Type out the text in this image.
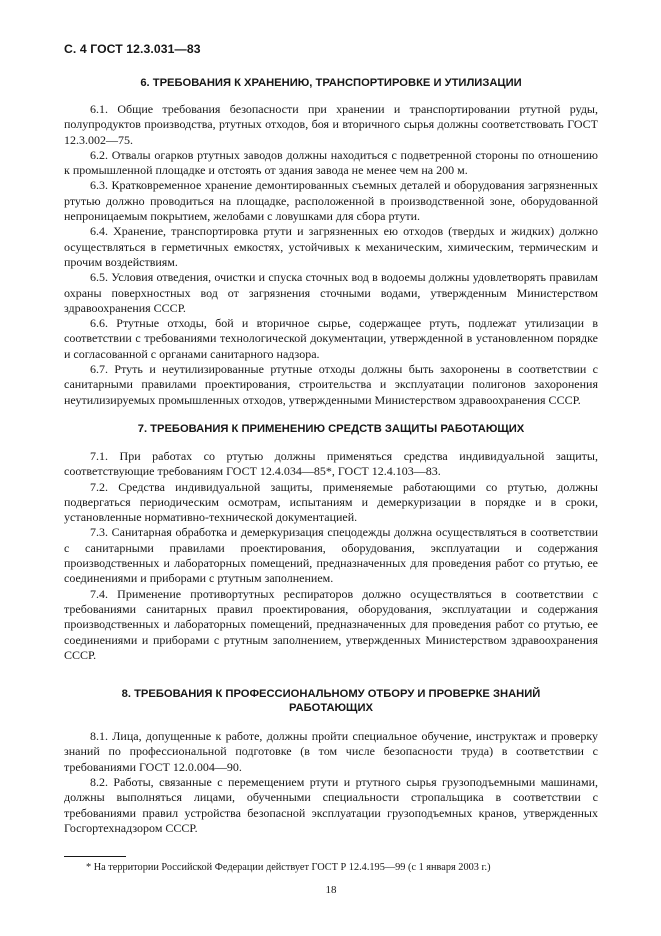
С. 4 ГОСТ 12.3.031—83
6. ТРЕБОВАНИЯ К ХРАНЕНИЮ, ТРАНСПОРТИРОВКЕ И УТИЛИЗАЦИИ

6.1. Общие требования безопасности при хранении и транспортировании ртутной руды, полупродуктов производства, ртутных отходов, боя и вторичного сырья должны соответствовать ГОСТ 12.3.002—75.

6.2. Отвалы огарков ртутных заводов должны находиться с подветренной стороны по отношению к промышленной площадке и отстоять от здания завода не менее чем на 200 м.

6.3. Кратковременное хранение демонтированных съемных деталей и оборудования загрязненных ртутью должно проводиться на площадке, расположенной в производственной зоне, оборудованной непроницаемым покрытием, желобами с ловушками для сбора ртути.

6.4. Хранение, транспортировка ртути и загрязненных ею отходов (твердых и жидких) должно осуществляться в герметичных емкостях, устойчивых к механическим, химическим, термическим и прочим воздействиям.

6.5. Условия отведения, очистки и спуска сточных вод в водоемы должны удовлетворять правилам охраны поверхностных вод от загрязнения сточными водами, утвержденным Министерством здравоохранения СССР.

6.6. Ртутные отходы, бой и вторичное сырье, содержащее ртуть, подлежат утилизации в соответствии с требованиями технологической документации, утвержденной в установленном порядке и согласованной с органами санитарного надзора.

6.7. Ртуть и неутилизированные ртутные отходы должны быть захоронены в соответствии с санитарными правилами проектирования, строительства и эксплуатации полигонов захоронения неутилизируемых промышленных отходов, утвержденными Министерством здравоохранения СССР.

7. ТРЕБОВАНИЯ К ПРИМЕНЕНИЮ СРЕДСТВ ЗАЩИТЫ РАБОТАЮЩИХ

7.1. При работах со ртутью должны применяться средства индивидуальной защиты, соответствующие требованиям ГОСТ 12.4.034—85*, ГОСТ 12.4.103—83.

7.2. Средства индивидуальной защиты, применяемые работающими со ртутью, должны подвергаться периодическим осмотрам, испытаниям и демеркуризации в порядке и в сроки, установленные нормативно-технической документацией.

7.3. Санитарная обработка и демеркуризация спецодежды должна осуществляться в соответствии с санитарными правилами проектирования, оборудования, эксплуатации и содержания производственных и лабораторных помещений, предназначенных для проведения работ со ртутью, ее соединениями и приборами с ртутным заполнением.

7.4. Применение противортутных респираторов должно осуществляться в соответствии с требованиями санитарных правил проектирования, оборудования, эксплуатации и содержания производственных и лабораторных помещений, предназначенных для проведения работ со ртутью, ее соединениями и приборами с ртутным заполнением, утвержденных Министерством здравоохранения СССР.

8. ТРЕБОВАНИЯ К ПРОФЕССИОНАЛЬНОМУ ОТБОРУ И ПРОВЕРКЕ ЗНАНИЙ РАБОТАЮЩИХ

8.1. Лица, допущенные к работе, должны пройти специальное обучение, инструктаж и проверку знаний по профессиональной подготовке (в том числе безопасности труда) в соответствии с требованиями ГОСТ 12.0.004—90.

8.2. Работы, связанные с перемещением ртути и ртутного сырья грузоподъемными машинами, должны выполняться лицами, обученными специальности стропальщика в соответствии с требованиями правил устройства безопасной эксплуатации грузоподъемных кранов, утвержденных Госгортехнадзором СССР.

* На территории Российской Федерации действует ГОСТ Р 12.4.195—99 (с 1 января 2003 г.)

18
